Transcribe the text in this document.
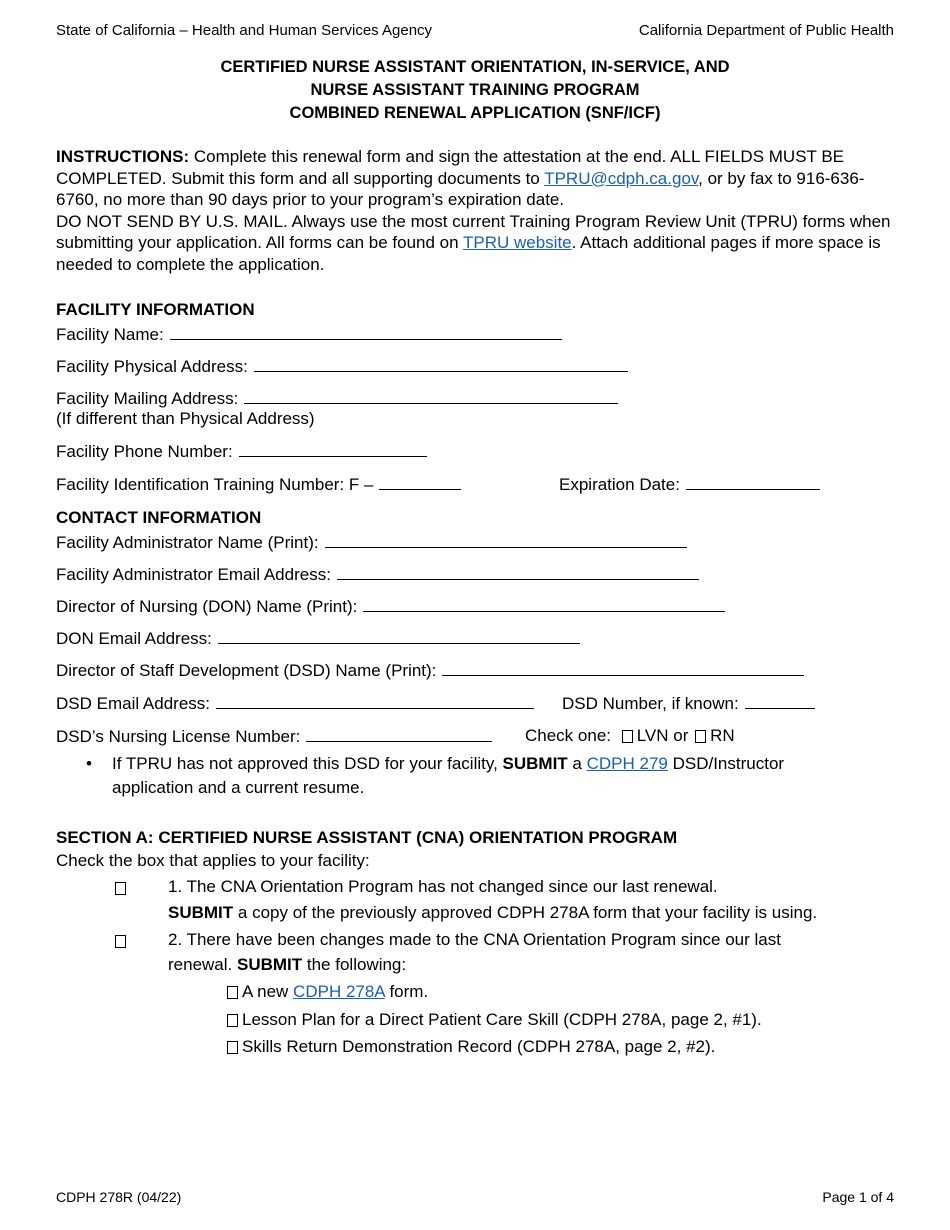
State of California – Health and Human Services Agency	California Department of Public Health
CERTIFIED NURSE ASSISTANT ORIENTATION, IN-SERVICE, AND
NURSE ASSISTANT TRAINING PROGRAM
COMBINED RENEWAL APPLICATION (SNF/ICF)
INSTRUCTIONS: Complete this renewal form and sign the attestation at the end. ALL FIELDS MUST BE COMPLETED. Submit this form and all supporting documents to TPRU@cdph.ca.gov, or by fax to 916-636-6760, no more than 90 days prior to your program’s expiration date.
DO NOT SEND BY U.S. MAIL. Always use the most current Training Program Review Unit (TPRU) forms when submitting your application. All forms can be found on TPRU website. Attach additional pages if more space is needed to complete the application.
FACILITY INFORMATION
Facility Name:
Facility Physical Address:
Facility Mailing Address:
(If different than Physical Address)
Facility Phone Number:
Facility Identification Training Number: F –	Expiration Date:
CONTACT INFORMATION
Facility Administrator Name (Print):
Facility Administrator Email Address:
Director of Nursing (DON) Name (Print):
DON Email Address:
Director of Staff Development (DSD) Name (Print):
DSD Email Address:	DSD Number, if known:
DSD’s Nursing License Number:	Check one: LVN or RN
• If TPRU has not approved this DSD for your facility, SUBMIT a CDPH 279 DSD/Instructor
application and a current resume.
SECTION A: CERTIFIED NURSE ASSISTANT (CNA) ORIENTATION PROGRAM
Check the box that applies to your facility:
1. The CNA Orientation Program has not changed since our last renewal.
SUBMIT a copy of the previously approved CDPH 278A form that your facility is using.
2. There have been changes made to the CNA Orientation Program since our last
renewal. SUBMIT the following:
A new CDPH 278A form.
Lesson Plan for a Direct Patient Care Skill (CDPH 278A, page 2, #1).
Skills Return Demonstration Record (CDPH 278A, page 2, #2).
CDPH 278R (04/22)	Page 1 of 4
